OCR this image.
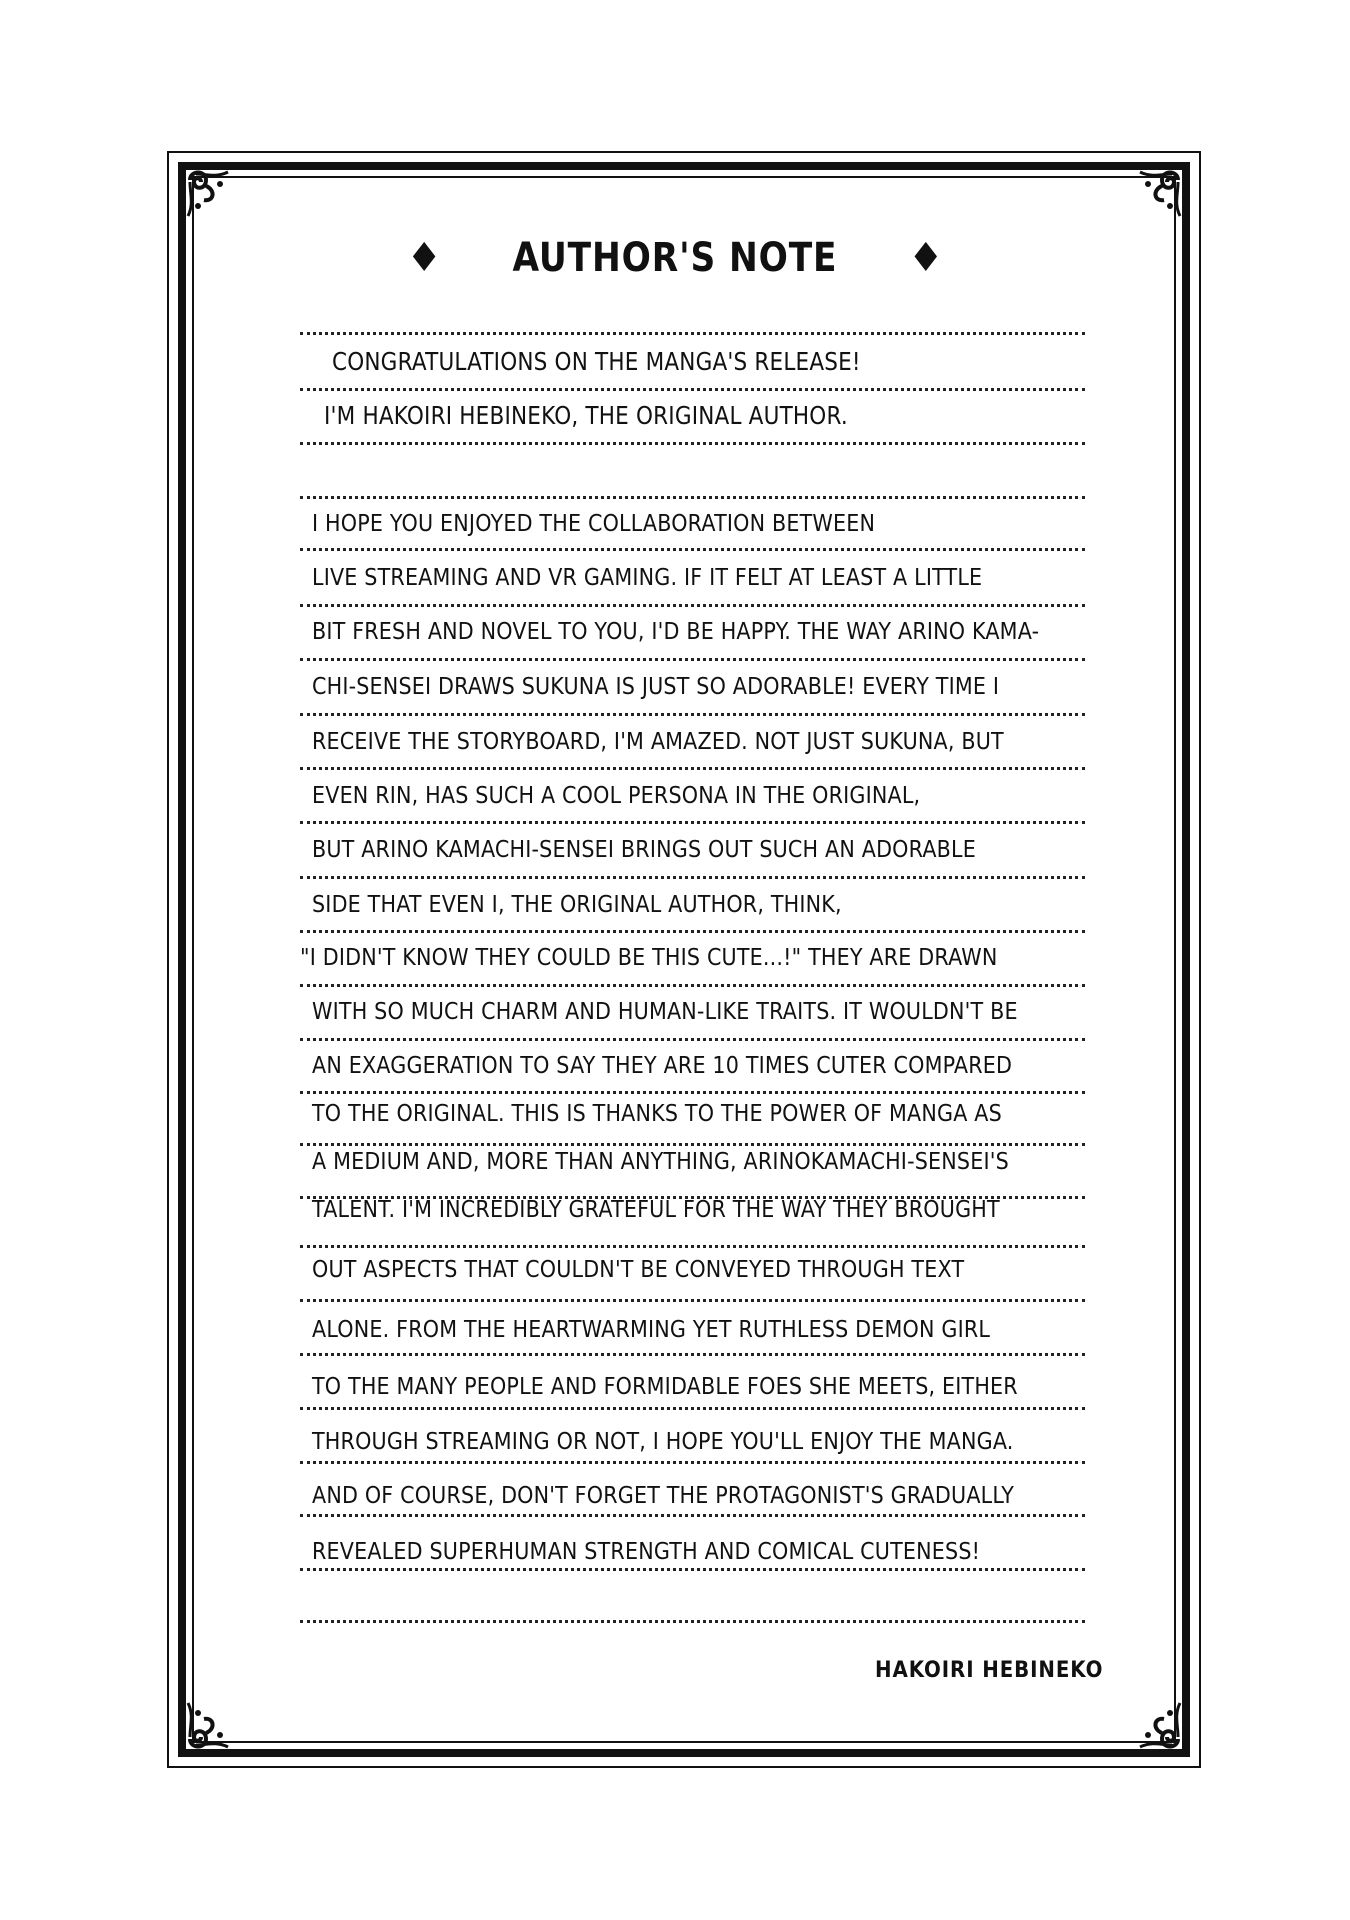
♦ AUTHOR'S NOTE ♦
CONGRATULATIONS ON THE MANGA'S RELEASE!
I'M HAKOIRI HEBINEKO, THE ORIGINAL AUTHOR.
I HOPE YOU ENJOYED THE COLLABORATION BETWEEN
LIVE STREAMING AND VR GAMING. IF IT FELT AT LEAST A LITTLE
BIT FRESH AND NOVEL TO YOU, I'D BE HAPPY. THE WAY ARINO KAMA-
CHI-SENSEI DRAWS SUKUNA IS JUST SO ADORABLE! EVERY TIME I
RECEIVE THE STORYBOARD, I'M AMAZED. NOT JUST SUKUNA, BUT
EVEN RIN, HAS SUCH A COOL PERSONA IN THE ORIGINAL,
BUT ARINO KAMACHI-SENSEI BRINGS OUT SUCH AN ADORABLE
SIDE THAT EVEN I, THE ORIGINAL AUTHOR, THINK,
"I DIDN'T KNOW THEY COULD BE THIS CUTE...!" THEY ARE DRAWN
WITH SO MUCH CHARM AND HUMAN-LIKE TRAITS. IT WOULDN'T BE
AN EXAGGERATION TO SAY THEY ARE 10 TIMES CUTER COMPARED
TO THE ORIGINAL. THIS IS THANKS TO THE POWER OF MANGA AS
A MEDIUM AND, MORE THAN ANYTHING, ARINOKAMACHI-SENSEI'S
TALENT. I'M INCREDIBLY GRATEFUL FOR THE WAY THEY BROUGHT
OUT ASPECTS THAT COULDN'T BE CONVEYED THROUGH TEXT
ALONE. FROM THE HEARTWARMING YET RUTHLESS DEMON GIRL
TO THE MANY PEOPLE AND FORMIDABLE FOES SHE MEETS, EITHER
THROUGH STREAMING OR NOT, I HOPE YOU'LL ENJOY THE MANGA.
AND OF COURSE, DON'T FORGET THE PROTAGONIST'S GRADUALLY
REVEALED SUPERHUMAN STRENGTH AND COMICAL CUTENESS!
HAKOIRI HEBINEKO
